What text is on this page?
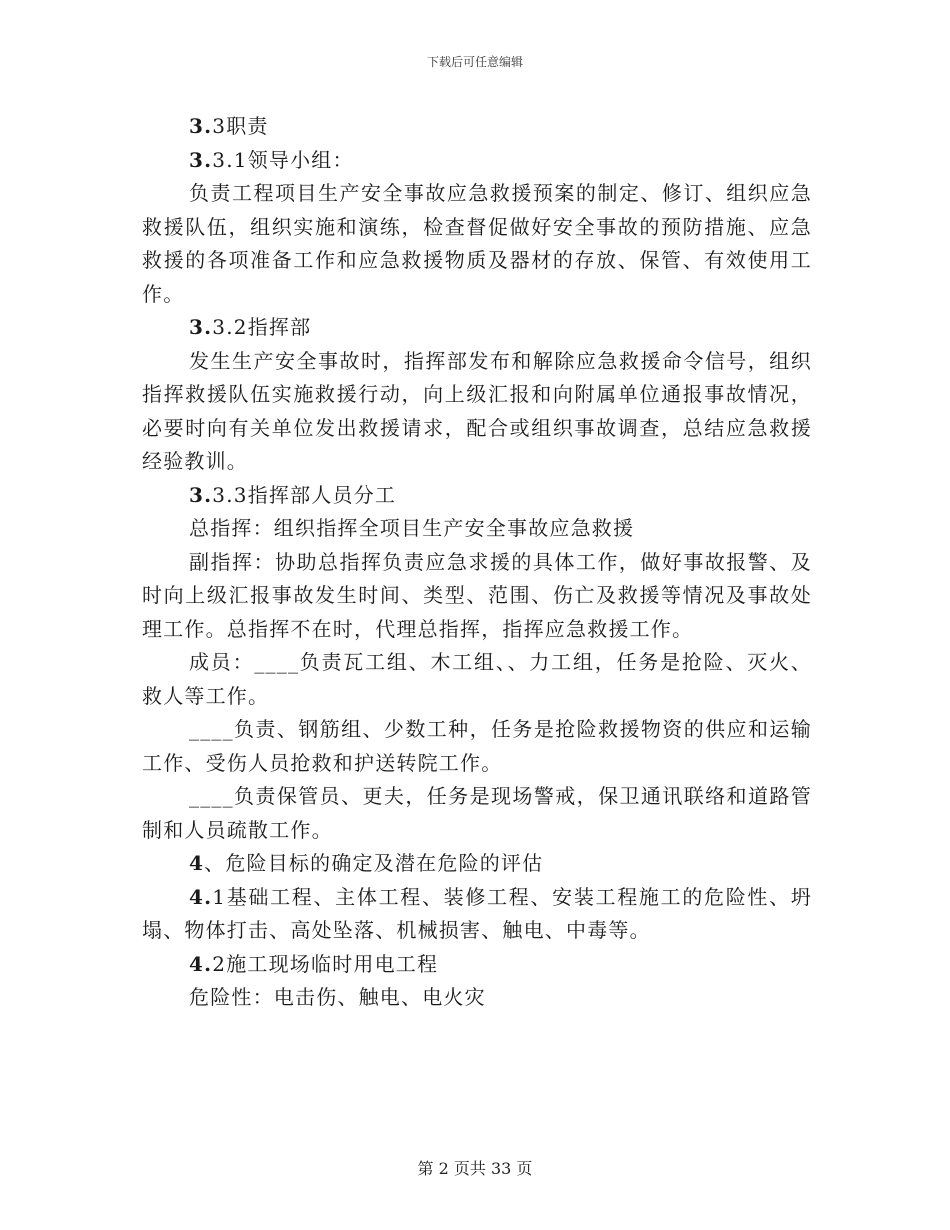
下载后可任意编辑

3.3职责

3.3.1领导小组：

负责工程项目生产安全事故应急救援预案的制定、修订、组织应急救援队伍，组织实施和演练，检查督促做好安全事故的预防措施、应急救援的各项准备工作和应急救援物质及器材的存放、保管、有效使用工作。

3.3.2指挥部

发生生产安全事故时，指挥部发布和解除应急救援命令信号，组织指挥救援队伍实施救援行动，向上级汇报和向附属单位通报事故情况，必要时向有关单位发出救援请求，配合或组织事故调查，总结应急救援经验教训。

3.3.3指挥部人员分工

总指挥：组织指挥全项目生产安全事故应急救援

副指挥：协助总指挥负责应急求援的具体工作，做好事故报警、及时向上级汇报事故发生时间、类型、范围、伤亡及救援等情况及事故处理工作。总指挥不在时，代理总指挥，指挥应急救援工作。

成员：____负责瓦工组、木工组、、力工组，任务是抢险、灭火、救人等工作。

____负责、钢筋组、少数工种，任务是抢险救援物资的供应和运输工作、受伤人员抢救和护送转院工作。

____负责保管员、更夫，任务是现场警戒，保卫通讯联络和道路管制和人员疏散工作。

4、危险目标的确定及潜在危险的评估

4.1基础工程、主体工程、装修工程、安装工程施工的危险性、坍塌、物体打击、高处坠落、机械损害、触电、中毒等。

4.2施工现场临时用电工程

危险性：电击伤、触电、电火灾

第 2 页共 33 页
